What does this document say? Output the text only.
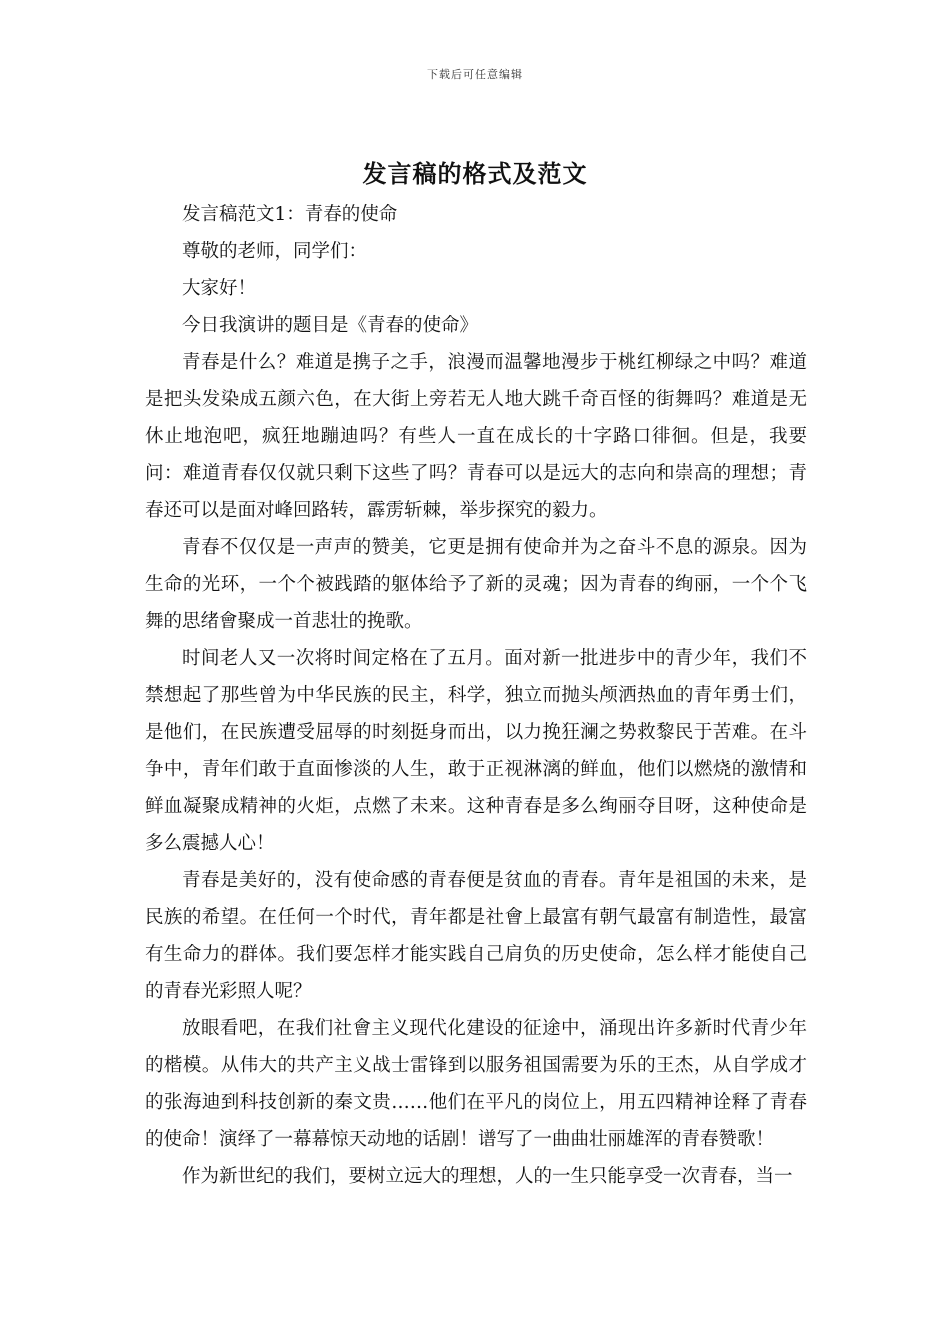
下载后可任意编辑
发言稿的格式及范文

发言稿范文1：青春的使命

尊敬的老师，同学们：

大家好！

今日我演讲的题目是《青春的使命》

青春是什么？难道是携子之手，浪漫而温馨地漫步于桃红柳绿之中吗？难道是把头发染成五颜六色，在大街上旁若无人地大跳千奇百怪的街舞吗？难道是无休止地泡吧，疯狂地蹦迪吗？有些人一直在成长的十字路口徘徊。但是，我要问：难道青春仅仅就只剩下这些了吗？青春可以是远大的志向和崇高的理想；青春还可以是面对峰回路转，霹雳斩棘，举步探究的毅力。

青春不仅仅是一声声的赞美，它更是拥有使命并为之奋斗不息的源泉。因为生命的光环，一个个被践踏的躯体给予了新的灵魂；因为青春的绚丽，一个个飞舞的思绪會聚成一首悲壮的挽歌。

时间老人又一次将时间定格在了五月。面对新一批进步中的青少年，我们不禁想起了那些曾为中华民族的民主，科学，独立而抛头颅洒热血的青年勇士们，是他们，在民族遭受屈辱的时刻挺身而出，以力挽狂澜之势救黎民于苦难。在斗争中，青年们敢于直面惨淡的人生，敢于正视淋漓的鲜血，他们以燃烧的激情和鲜血凝聚成精神的火炬，点燃了未来。这种青春是多么绚丽夺目呀，这种使命是多么震撼人心！

青春是美好的，没有使命感的青春便是贫血的青春。青年是祖国的未来，是民族的希望。在任何一个时代，青年都是社會上最富有朝气最富有制造性，最富有生命力的群体。我们要怎样才能实践自己肩负的历史使命，怎么样才能使自己的青春光彩照人呢？

放眼看吧，在我们社會主义现代化建设的征途中，涌现出许多新时代青少年的楷模。从伟大的共产主义战士雷锋到以服务祖国需要为乐的王杰，从自学成才的张海迪到科技创新的秦文贵……他们在平凡的岗位上，用五四精神诠释了青春的使命！演绎了一幕幕惊天动地的话剧！谱写了一曲曲壮丽雄浑的青春赞歌！

作为新世纪的我们，要树立远大的理想，人的一生只能享受一次青春，当一
